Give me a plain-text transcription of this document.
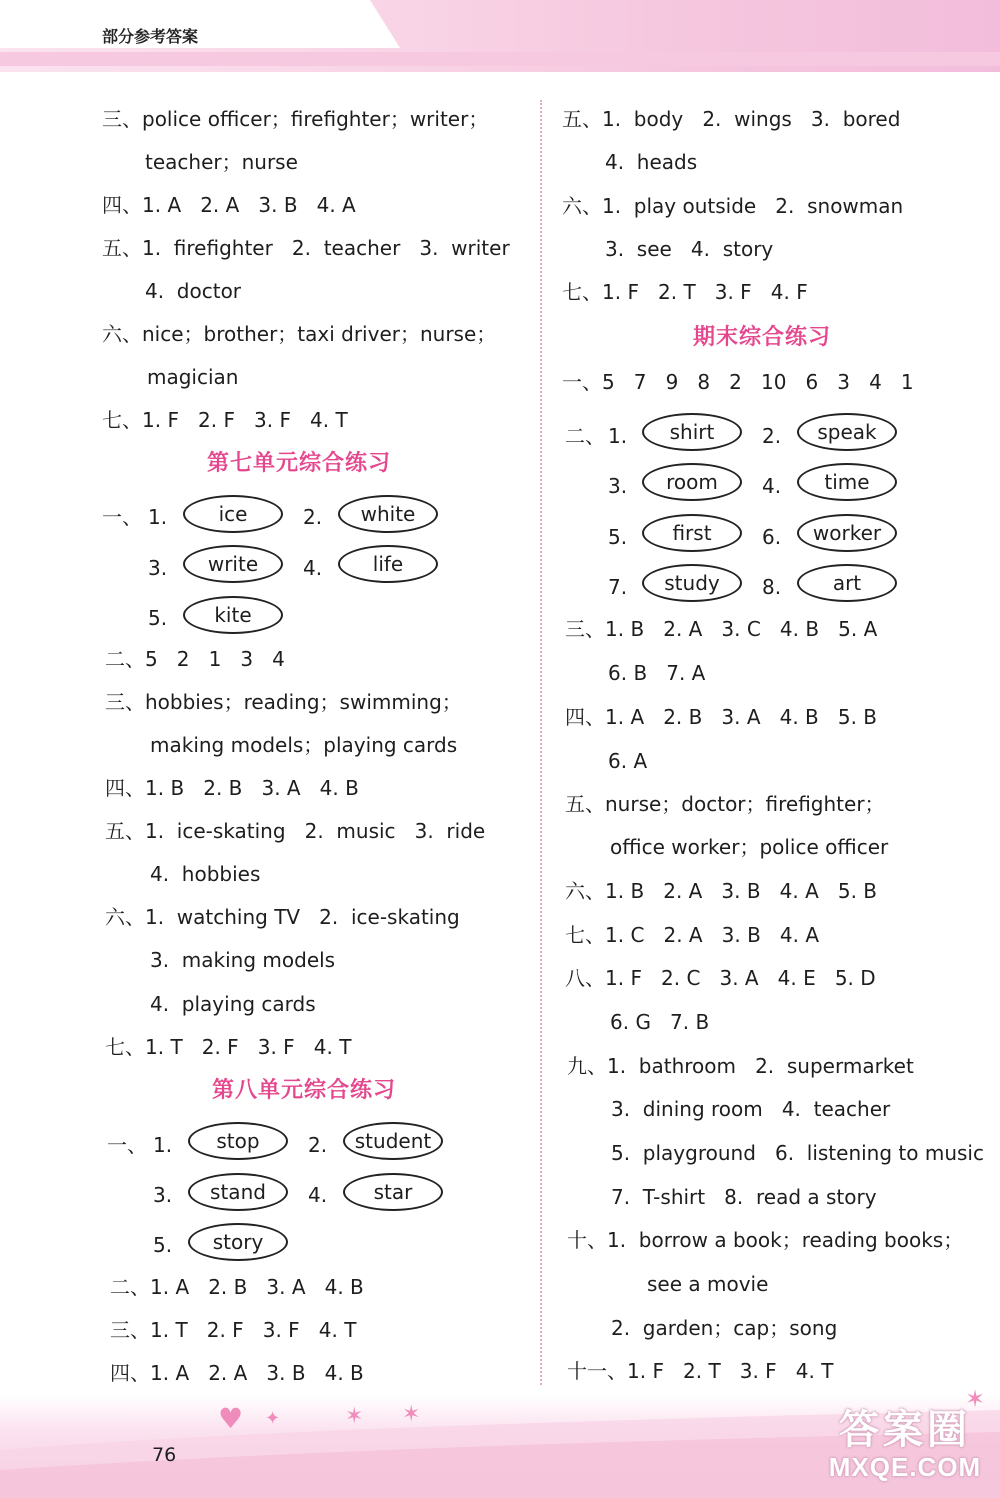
部分参考答案
三、police officer；firefighter；writer；
teacher；nurse
四、1. A   2. A   3. B   4. A
五、1.  firefighter   2.  teacher   3.  writer
4.  doctor
六、nice；brother；taxi driver；nurse；
magician
七、1. F   2. F   3. F   4. T
第七单元综合练习
一、 1.	ice	2.	white
3.	write	4.	life
5.	kite
二、5   2   1   3   4
三、hobbies；reading；swimming；
making models；playing cards
四、1. B   2. B   3. A   4. B
五、1.  ice-skating   2.  music   3.  ride
4.  hobbies
六、1.  watching TV   2.  ice-skating
3.  making models
4.  playing cards
七、1. T   2. F   3. F   4. T
第八单元综合练习
一、 1.	stop	2.	student
3.	stand	4.	star
5.	story
二、1. A   2. B   3. A   4. B
三、1. T   2. F   3. F   4. T
四、1. A   2. A   3. B   4. B
五、1.  body   2.  wings   3.  bored
4.  heads
六、1.  play outside   2.  snowman
3.  see   4.  story
七、1. F   2. T   3. F   4. F
期末综合练习
一、5   7   9   8   2   10   6   3   4   1
二、 1.	shirt	2.	speak
3.	room	4.	time
5.	first	6.	worker
7.	study	8.	art
三、1. B   2. A   3. C   4. B   5. A
6. B   7. A
四、1. A   2. B   3. A   4. B   5. B
6. A
五、nurse；doctor；firefighter；
office worker；police officer
六、1. B   2. A   3. B   4. A   5. B
七、1. C   2. A   3. B   4. A
八、1. F   2. C   3. A   4. E   5. D
6. G   7. B
九、1.  bathroom   2.  supermarket
3.  dining room   4.  teacher
5.  playground   6.  listening to music
7.  T-shirt   8.  read a story
十、1.  borrow a book；reading books；
see a movie
2.  garden；cap；song
十一、1. F   2. T   3. F   4. T
♥ ✦	✶ ✶
✶
76
答案圈
MXQE.COM
